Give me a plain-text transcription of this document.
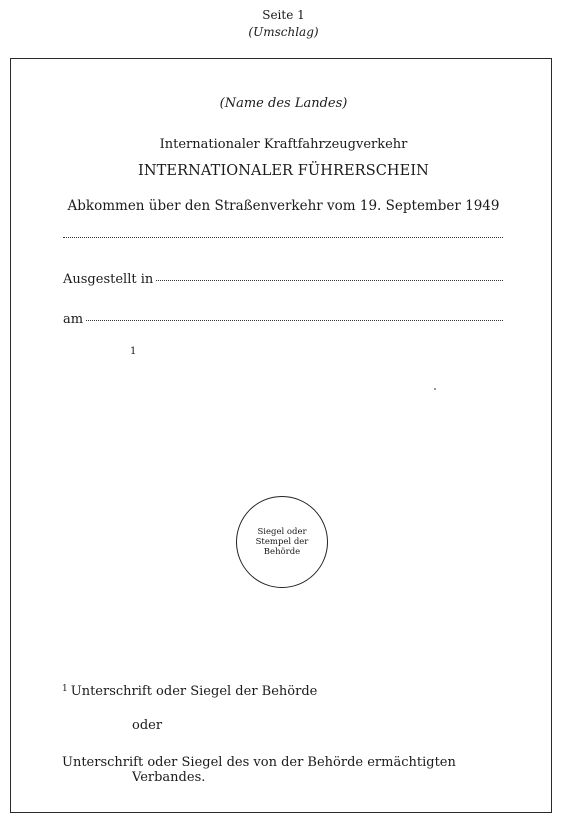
Seite 1
(Umschlag)
(Name des Landes)
Internationaler Kraftfahrzeugverkehr
INTERNATIONALER FÜHRERSCHEIN
Abkommen über den Straßenverkehr vom 19. September 1949
Ausgestellt in
am
1
Siegel oder Stempel der Behörde
$^1$ Unterschrift oder Siegel der Behörde
oder
Unterschrift oder Siegel des von der Behörde ermächtigten
Verbandes.
